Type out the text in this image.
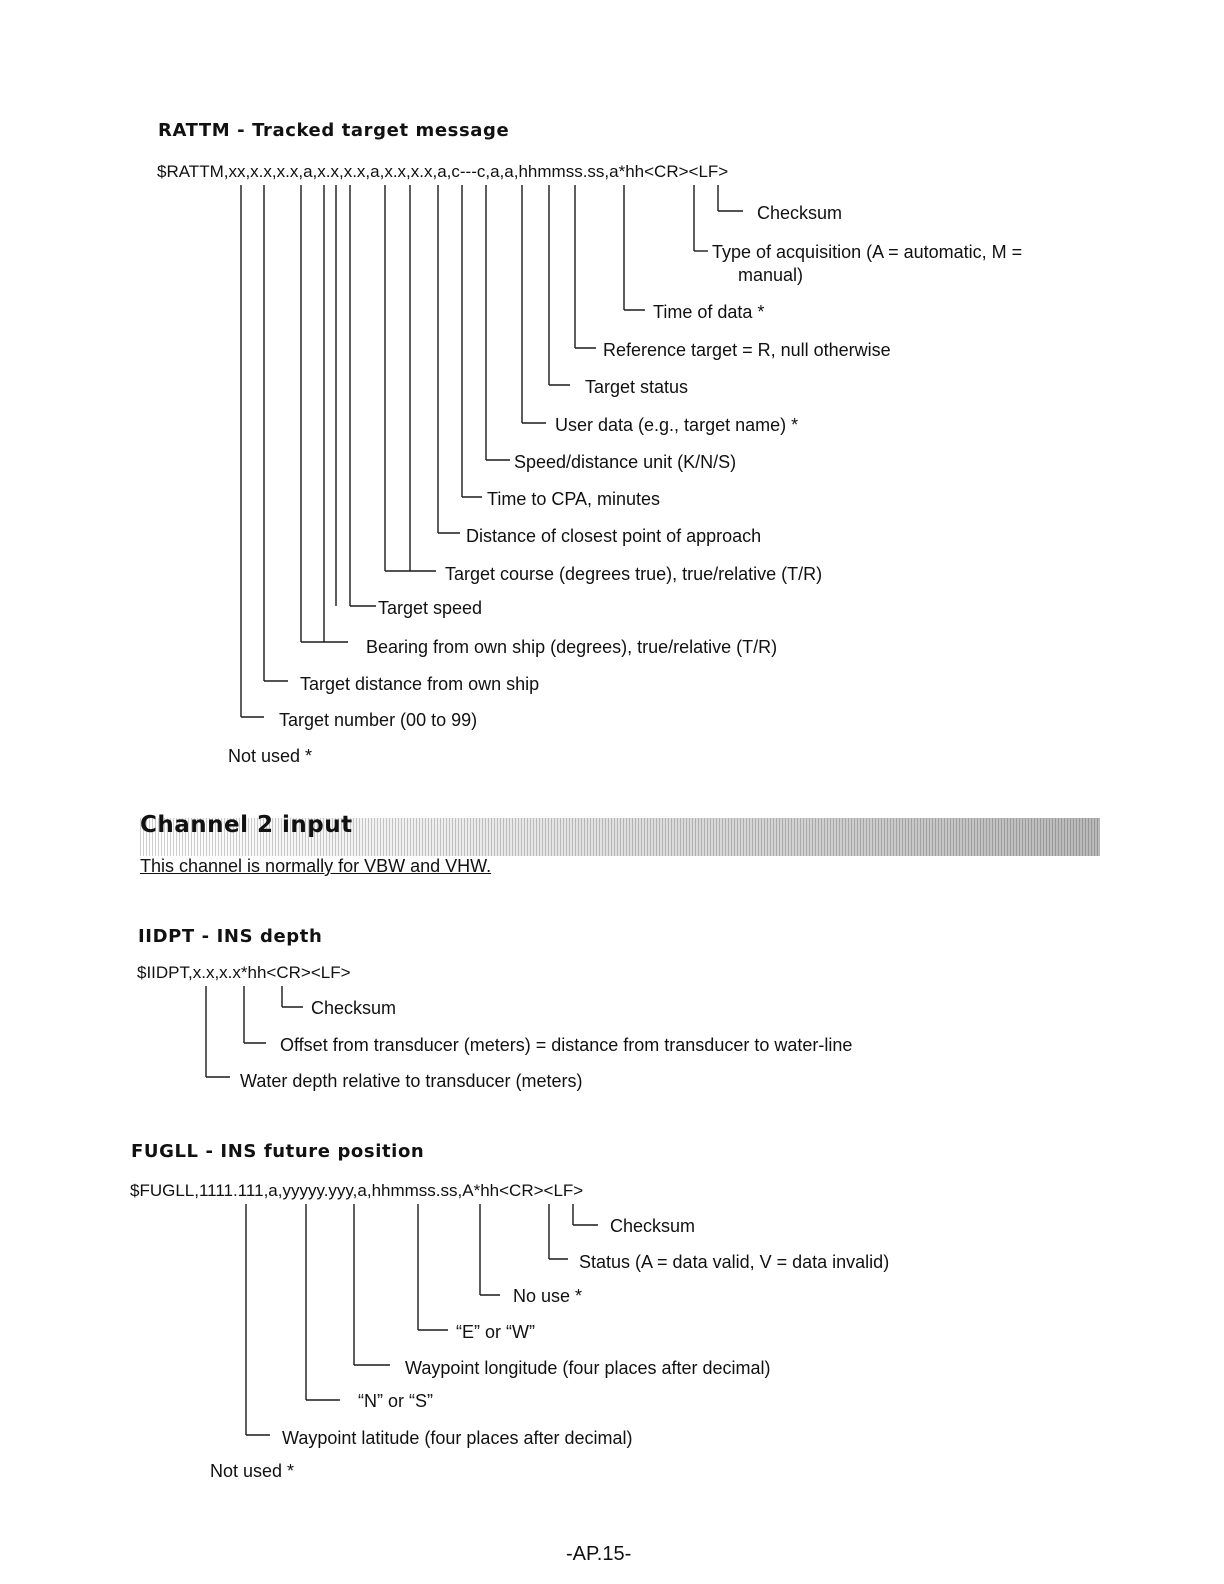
RATTM - Tracked target message
$RATTM,xx,x.x,x.x,a,x.x,x.x,a,x.x,x.x,a,c---c,a,a,hhmmss.ss,a*hh<CR><LF>
Checksum
Type of acquisition (A = automatic, M =
manual)
Time of data *
Reference target = R, null otherwise
Target status
User data (e.g., target name) *
Speed/distance unit (K/N/S)
Time to CPA, minutes
Distance of closest point of approach
Target course (degrees true), true/relative (T/R)
Target speed
Bearing from own ship (degrees), true/relative (T/R)
Target distance from own ship
Target number (00 to 99)
Not used *
Channel 2 input
This channel is normally for VBW and VHW.
IIDPT - INS depth
$IIDPT,x.x,x.x*hh<CR><LF>
Checksum
Offset from transducer (meters) = distance from transducer to water-line
Water depth relative to transducer (meters)
FUGLL - INS future position
$FUGLL,1111.111,a,yyyyy.yyy,a,hhmmss.ss,A*hh<CR><LF>
Checksum
Status (A = data valid, V = data invalid)
No use *
“E” or “W”
Waypoint longitude (four places after decimal)
“N” or “S”
Waypoint latitude (four places after decimal)
Not used *
-AP.15-
